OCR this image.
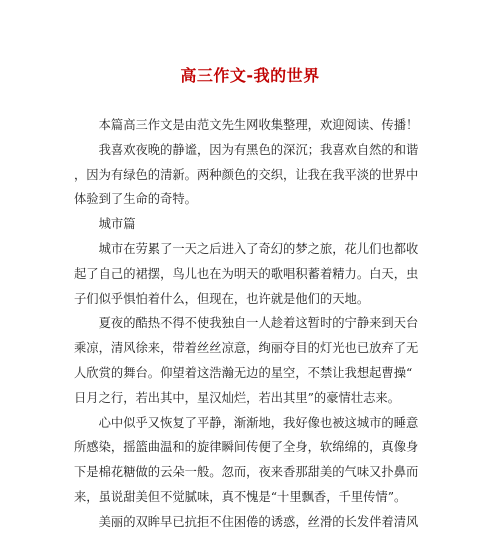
高三作文-我的世界
　　本篇高三作文是由范文先生网收集整理，欢迎阅读、传播！
　　我喜欢夜晚的静谧，因为有黑色的深沉；我喜欢自然的和谐
，因为有绿色的清新。两种颜色的交织，让我在我平淡的世界中
体验到了生命的奇特。
　　城市篇
　　城市在劳累了一天之后进入了奇幻的梦之旅，花儿们也都收
起了自己的裙摆，鸟儿也在为明天的歌唱积蓄着精力。白天，虫
子们似乎惧怕着什么，但现在，也许就是他们的天地。
　　夏夜的酷热不得不使我独自一人趁着这暂时的宁静来到天台
乘凉，清风徐来，带着丝丝凉意，绚丽夺目的灯光也已放弃了无
人欣赏的舞台。仰望着这浩瀚无边的星空，不禁让我想起曹操“
日月之行，若出其中，星汉灿烂，若出其里”的豪情壮志来。
　　心中似乎又恢复了平静，渐渐地，我好像也被这城市的睡意
所感染，摇篮曲温和的旋律瞬间传便了全身，软绵绵的，真像身
下是棉花糖做的云朵一般。忽而，夜来香那甜美的气味又扑鼻而
来，虽说甜美但不觉腻味，真不愧是“十里飘香，千里传情”。
　　美丽的双眸早已抗拒不住困倦的诱惑，丝滑的长发伴着清风
